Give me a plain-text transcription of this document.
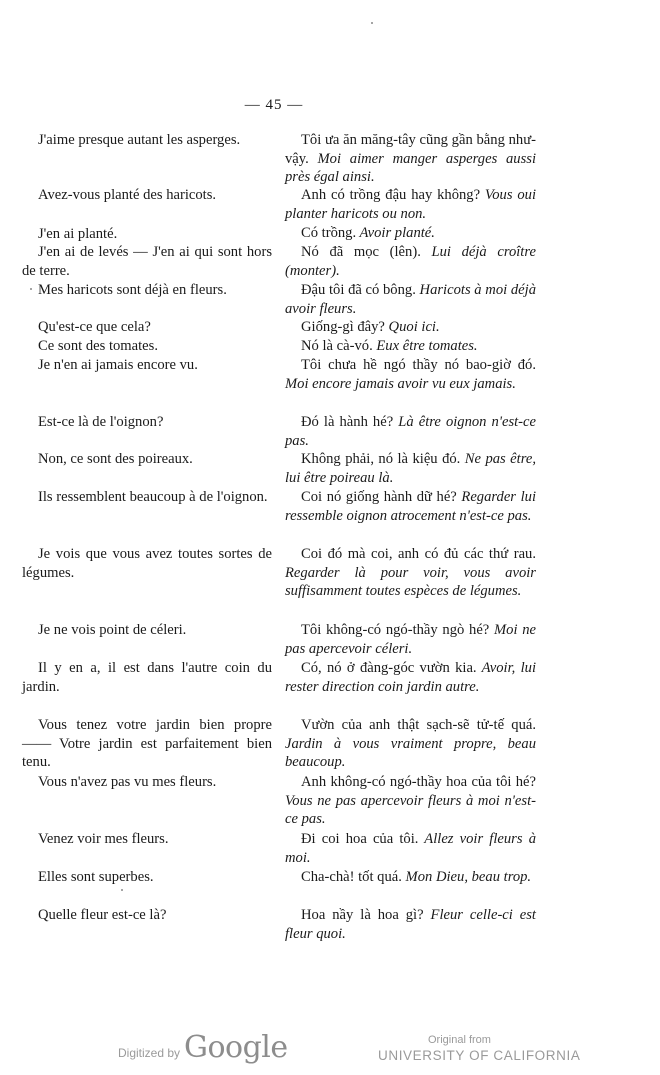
— 45 —

J'aime presque autant les asperges.

Avez-vous planté des haricots.

J'en ai planté.

J'en ai de levés — J'en ai qui sont hors de terre.

Mes haricots sont déjà en fleurs.

Qu'est-ce que cela?

Ce sont des tomates.

Je n'en ai jamais encore vu.

Est-ce là de l'oignon?

Non, ce sont des poireaux.

Ils ressemblent beaucoup à de l'oignon.

Je vois que vous avez toutes sortes de légumes.

Je ne vois point de céleri.

Il y en a, il est dans l'autre coin du jardin.

Vous tenez votre jardin bien propre —— Votre jardin est parfaitement bien tenu.

Vous n'avez pas vu mes fleurs.

Venez voir mes fleurs.

Elles sont superbes.

Quelle fleur est-ce là?

Tôi ưa ăn măng-tây cũng gần bằng như-vậy. Moi aimer manger asperges aussi près égal ainsi.
Anh có trồng đậu hay không? Vous oui planter haricots ou non.
Có trồng. Avoir planté.
Nó đã mọc (lên). Lui déjà croître (monter).
Đậu tôi đã có bông. Haricots à moi déjà avoir fleurs.
Giống-gì đây? Quoi ici.
Nó là cà-vó. Eux être tomates.
Tôi chưa hề ngó thầy nó bao-giờ đó. Moi encore jamais avoir vu eux jamais.
Đó là hành hé? Là être oignon n'est-ce pas.
Không phải, nó là kiệu đó. Ne pas être, lui être poireau là.
Coi nó giống hành dữ hé? Regarder lui ressemble oignon atrocement n'est-ce pas.
Coi đó mà coi, anh có đủ các thứ rau. Regarder là pour voir, vous avoir suffisamment toutes espèces de légumes.
Tôi không-có ngó-thầy ngò hé? Moi ne pas apercevoir céleri.
Có, nó ở đàng-góc vườn kia. Avoir, lui rester direction coin jardin autre.
Vườn của anh thật sạch-sẽ tử-tế quá. Jardin à vous vraiment propre, beau beaucoup.
Anh không-có ngó-thầy hoa của tôi hé? Vous ne pas apercevoir fleurs à moi n'est-ce pas.
Đi coi hoa của tôi. Allez voir fleurs à moi.
Cha-chà! tốt quá. Mon Dieu, beau trop.
Hoa nầy là hoa gì? Fleur celle-ci est fleur quoi.
Digitized by Google	Original from
UNIVERSITY OF CALIFORNIA
